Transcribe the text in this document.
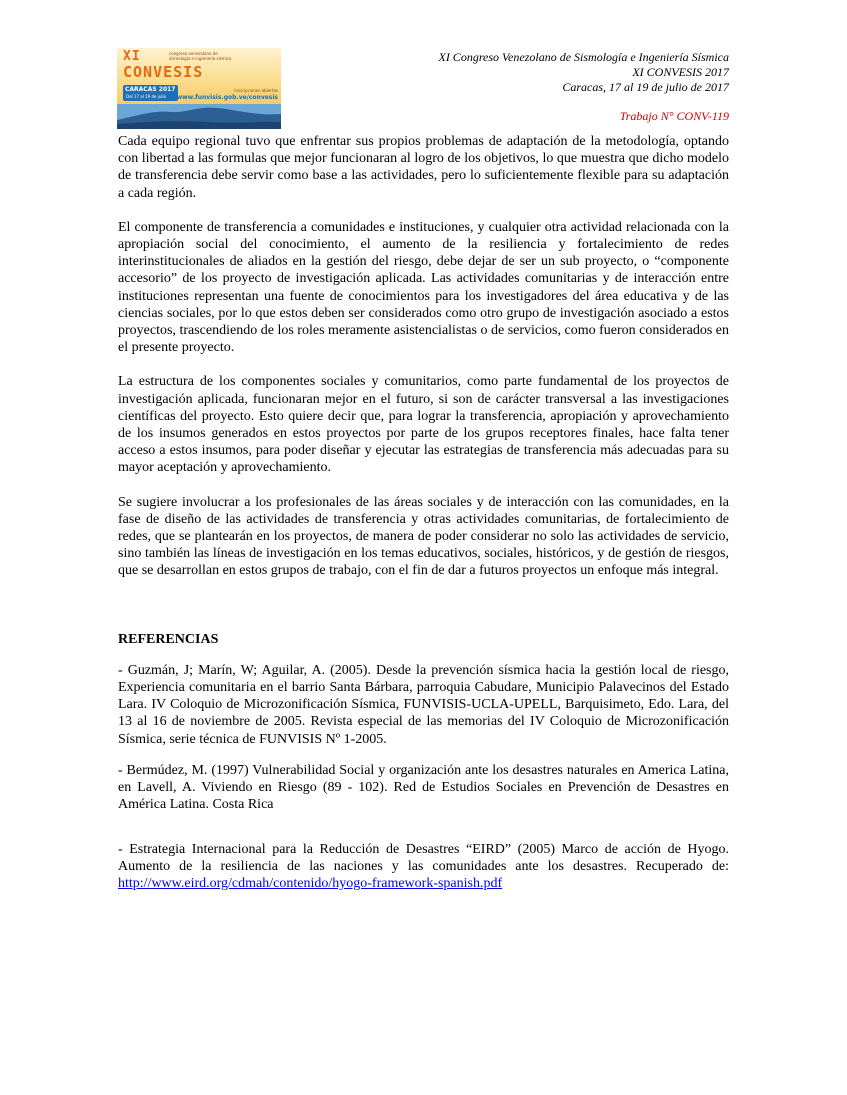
XI
CONVESIS
congreso venezolano de sismología e ingeniería sísmica
CARACAS 2017
Del 17 al 19 de julio
Inscripciones abiertas
www.funvisis.gob.ve/convesis
XI Congreso Venezolano de Sismología e Ingeniería Sísmica
XI CONVESIS 2017
Caracas, 17 al 19 de julio de 2017
Trabajo N° CONV-119

Cada equipo regional tuvo que enfrentar sus propios problemas de adaptación de la metodología, optando con libertad a las formulas que mejor funcionaran al logro de los objetivos, lo que muestra que dicho modelo de transferencia debe servir como base a las actividades, pero lo suficientemente flexible para su adaptación a cada región.

El componente de transferencia a comunidades e instituciones, y cualquier otra actividad relacionada con la apropiación social del conocimiento, el aumento de la resiliencia y fortalecimiento de redes interinstitucionales de aliados en la gestión del riesgo, debe dejar de ser un sub proyecto, o “componente accesorio” de los proyecto de investigación aplicada. Las actividades comunitarias y de interacción entre instituciones representan una fuente de conocimientos para los investigadores del área educativa y de las ciencias sociales, por lo que estos deben ser considerados como otro grupo de investigación asociado a estos proyectos, trascendiendo de los roles meramente asistencialistas o de servicios, como fueron considerados en el presente proyecto.

La estructura de los componentes sociales y comunitarios, como parte fundamental de los proyectos de investigación aplicada, funcionaran mejor en el futuro, si son de carácter transversal a las investigaciones científicas del proyecto. Esto quiere decir que, para lograr la transferencia, apropiación y aprovechamiento de los insumos generados en estos proyectos por parte de los grupos receptores finales, hace falta tener acceso a estos insumos, para poder diseñar y ejecutar las estrategias de transferencia más adecuadas para su mayor aceptación y aprovechamiento.

Se sugiere involucrar a los profesionales de las áreas sociales y de interacción con las comunidades, en la fase de diseño de las actividades de transferencia y otras actividades comunitarias, de fortalecimiento de redes, que se plantearán en los proyectos, de manera de poder considerar no solo las actividades de servicio, sino también las líneas de investigación en los temas educativos, sociales, históricos, y de gestión de riesgos, que se desarrollan en estos grupos de trabajo, con el fin de dar a futuros proyectos un enfoque más integral.

REFERENCIAS

- Guzmán, J; Marín, W; Aguilar, A. (2005). Desde la prevención sísmica hacia la gestión local de riesgo, Experiencia comunitaria en el barrio Santa Bárbara, parroquia Cabudare, Municipio Palavecinos del Estado Lara. IV Coloquio de Microzonificación Sísmica, FUNVISIS-UCLA-UPELL, Barquisimeto, Edo. Lara, del 13 al 16 de noviembre de 2005. Revista especial de las memorias del IV Coloquio de Microzonificación Sísmica, serie técnica de FUNVISIS Nº 1-2005.

- Bermúdez, M. (1997) Vulnerabilidad Social y organización ante los desastres naturales en America Latina, en Lavell, A. Viviendo en Riesgo (89 - 102). Red de Estudios Sociales en Prevención de Desastres en América Latina. Costa Rica

- Estrategia Internacional para la Reducción de Desastres “EIRD” (2005) Marco de acción de Hyogo. Aumento de la resiliencia de las naciones y las comunidades ante los desastres. Recuperado de: http://www.eird.org/cdmah/contenido/hyogo-framework-spanish.pdf
